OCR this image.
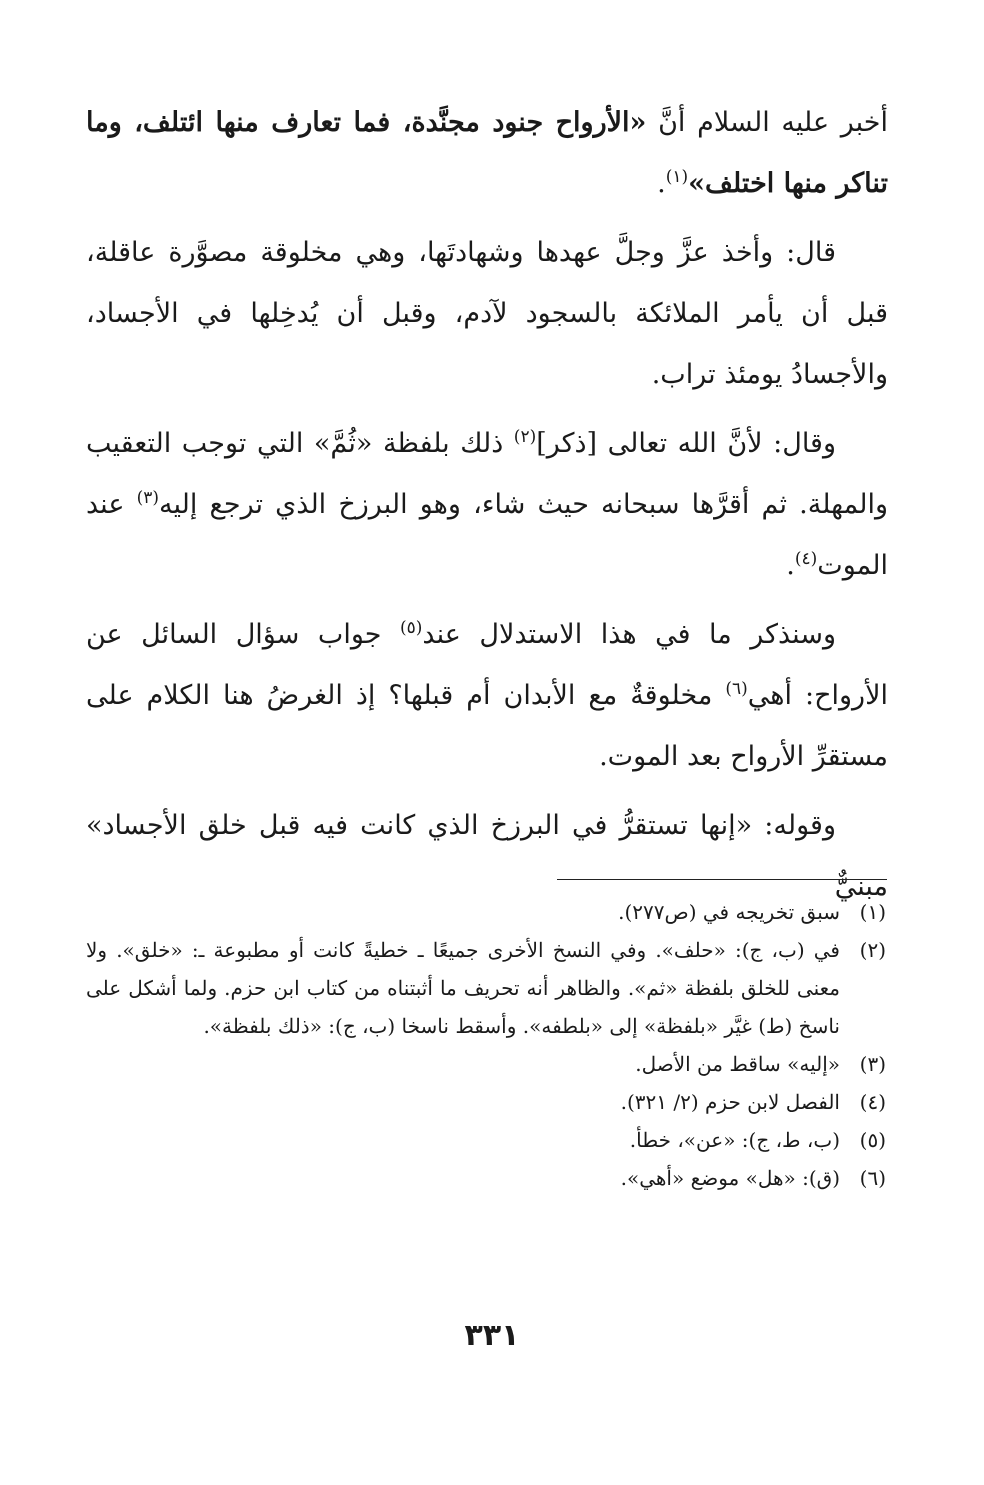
أخبر عليه السلام أنَّ «الأرواح جنود مجنَّدة، فما تعارف منها ائتلف، وما تناكر منها اختلف»$^{(١)}$.

قال: وأخذ عزَّ وجلَّ عهدها وشهادتَها، وهي مخلوقة مصوَّرة عاقلة، قبل أن يأمر الملائكة بالسجود لآدم، وقبل أن يُدخِلها في الأجساد، والأجسادُ يومئذ تراب.

وقال: لأنَّ الله تعالى [ذكر]$^{(٢)}$ ذلك بلفظة «ثُمَّ» التي توجب التعقيب والمهلة. ثم أقرَّها سبحانه حيث شاء، وهو البرزخ الذي ترجع إليه$^{(٣)}$ عند الموت$^{(٤)}$.

وسنذكر ما في هذا الاستدلال عند$^{(٥)}$ جواب سؤال السائل عن الأرواح: أهي$^{(٦)}$ مخلوقةٌ مع الأبدان أم قبلها؟ إذ الغرضُ هنا الكلام على مستقرِّ الأرواح بعد الموت.

وقوله: «إنها تستقرُّ في البرزخ الذي كانت فيه قبل خلق الأجساد» مبنيٌّ

(١)
سبق تخريجه في (ص٢٧٧).
(٢)
في (ب، ج): «حلف». وفي النسخ الأخرى جميعًا ـ خطيةً كانت أو مطبوعة ـ: «خلق». ولا معنى للخلق بلفظة «ثم». والظاهر أنه تحريف ما أثبتناه من كتاب ابن حزم. ولما أشكل على ناسخ (ط) غيَّر «بلفظة» إلى «بلطفه». وأسقط ناسخا (ب، ج): «ذلك بلفظة».
(٣)
«إليه» ساقط من الأصل.
(٤)
الفصل لابن حزم (٢/ ٣٢١).
(٥)
(ب، ط، ج): «عن»، خطأ.
(٦)
(ق): «هل» موضع «أهي».
٣٣١
